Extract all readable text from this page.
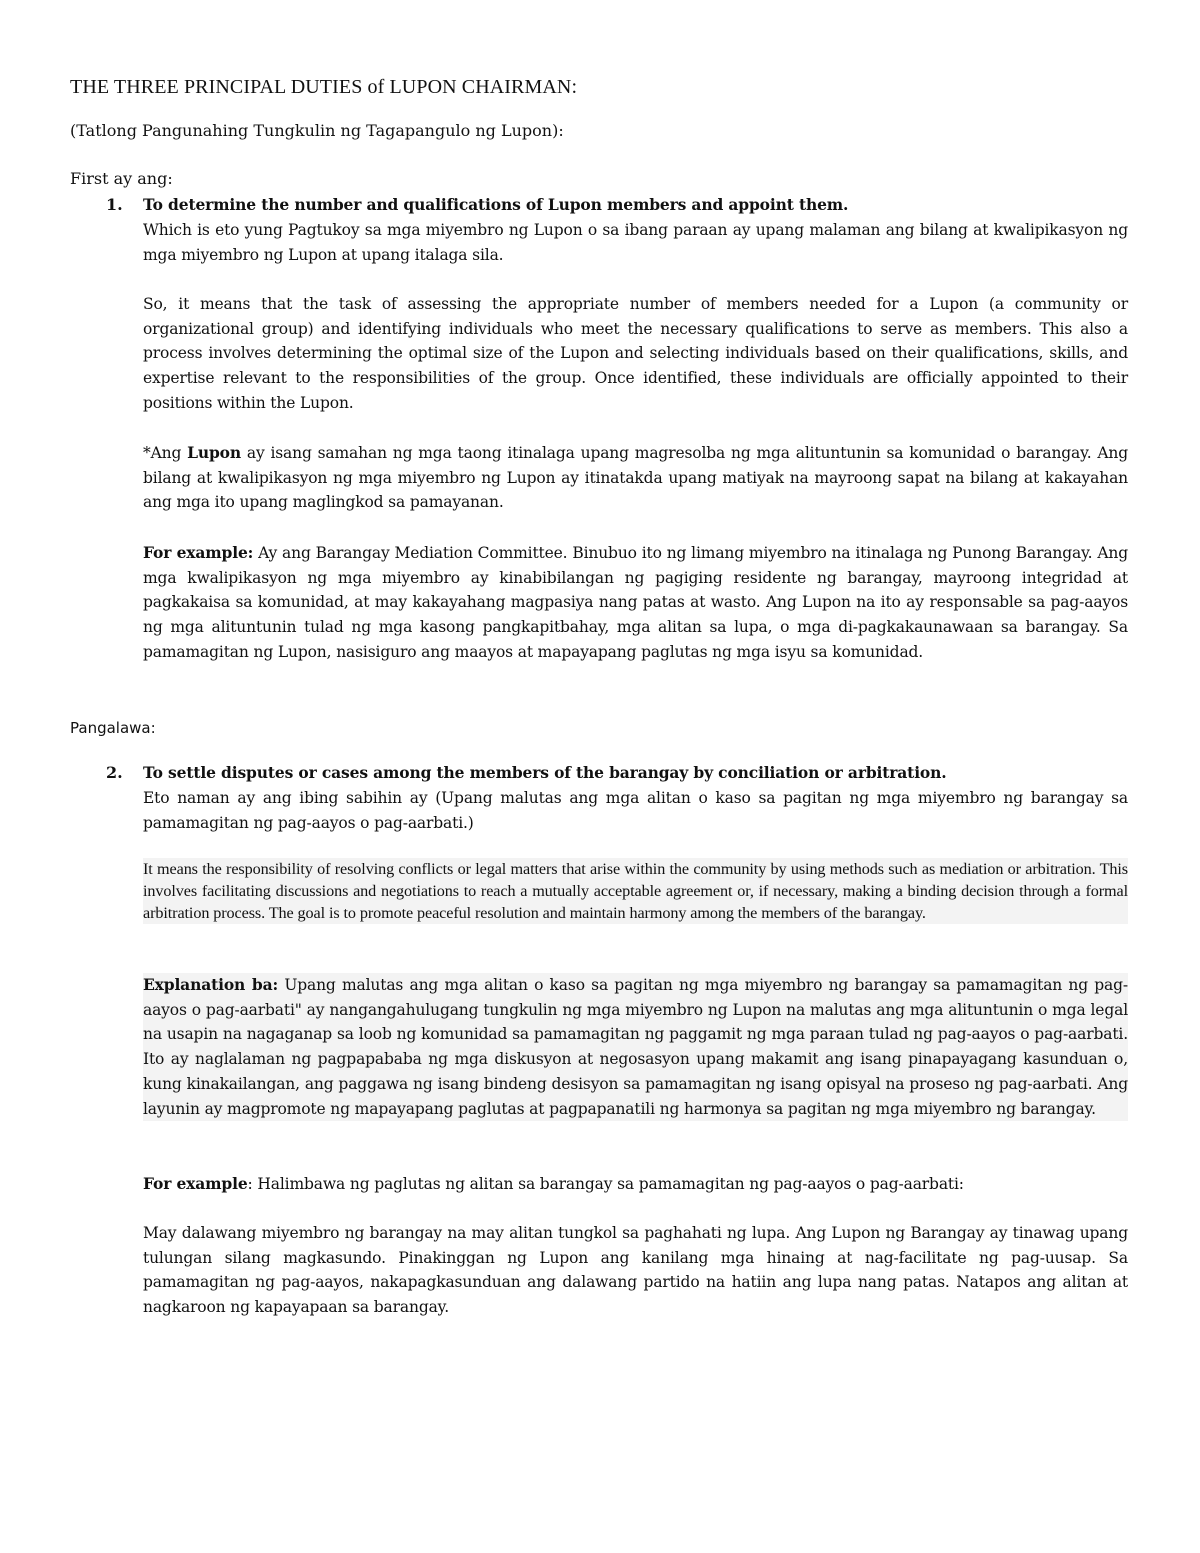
THE THREE PRINCIPAL DUTIES of LUPON CHAIRMAN:
(Tatlong Pangunahing Tungkulin ng Tagapangulo ng Lupon):
First ay ang:
1. To determine the number and qualifications of Lupon members and appoint them.
Which is eto yung Pagtukoy sa mga miyembro ng Lupon o sa ibang paraan ay upang malaman ang bilang at kwalipikasyon ng mga miyembro ng Lupon at upang italaga sila.
So, it means that the task of assessing the appropriate number of members needed for a Lupon (a community or organizational group) and identifying individuals who meet the necessary qualifications to serve as members. This also a process involves determining the optimal size of the Lupon and selecting individuals based on their qualifications, skills, and expertise relevant to the responsibilities of the group. Once identified, these individuals are officially appointed to their positions within the Lupon.
*Ang Lupon ay isang samahan ng mga taong itinalaga upang magresolba ng mga alituntunin sa komunidad o barangay. Ang bilang at kwalipikasyon ng mga miyembro ng Lupon ay itinatakda upang matiyak na mayroong sapat na bilang at kakayahan ang mga ito upang maglingkod sa pamayanan.
For example: Ay ang Barangay Mediation Committee. Binubuo ito ng limang miyembro na itinalaga ng Punong Barangay. Ang mga kwalipikasyon ng mga miyembro ay kinabibilangan ng pagiging residente ng barangay, mayroong integridad at pagkakaisa sa komunidad, at may kakayahang magpasiya nang patas at wasto. Ang Lupon na ito ay responsable sa pag-aayos ng mga alituntunin tulad ng mga kasong pangkapitbahay, mga alitan sa lupa, o mga di-pagkakaunawaan sa barangay. Sa pamamagitan ng Lupon, nasisiguro ang maayos at mapayapang paglutas ng mga isyu sa komunidad.
Pangalawa:
2. To settle disputes or cases among the members of the barangay by conciliation or arbitration.
Eto naman ay ang ibing sabihin ay (Upang malutas ang mga alitan o kaso sa pagitan ng mga miyembro ng barangay sa pamamagitan ng pag-aayos o pag-aarbati.)
It means the responsibility of resolving conflicts or legal matters that arise within the community by using methods such as mediation or arbitration. This involves facilitating discussions and negotiations to reach a mutually acceptable agreement or, if necessary, making a binding decision through a formal arbitration process. The goal is to promote peaceful resolution and maintain harmony among the members of the barangay.
Explanation ba: Upang malutas ang mga alitan o kaso sa pagitan ng mga miyembro ng barangay sa pamamagitan ng pag-aayos o pag-aarbati" ay nangangahulugang tungkulin ng mga miyembro ng Lupon na malutas ang mga alituntunin o mga legal na usapin na nagaganap sa loob ng komunidad sa pamamagitan ng paggamit ng mga paraan tulad ng pag-aayos o pag-aarbati. Ito ay naglalaman ng pagpapababa ng mga diskusyon at negosasyon upang makamit ang isang pinapayagang kasunduan o, kung kinakailangan, ang paggawa ng isang bindeng desisyon sa pamamagitan ng isang opisyal na proseso ng pag-aarbati. Ang layunin ay magpromote ng mapayapang paglutas at pagpapanatili ng harmonya sa pagitan ng mga miyembro ng barangay.
For example: Halimbawa ng paglutas ng alitan sa barangay sa pamamagitan ng pag-aayos o pag-aarbati:
May dalawang miyembro ng barangay na may alitan tungkol sa paghahati ng lupa. Ang Lupon ng Barangay ay tinawag upang tulungan silang magkasundo. Pinakinggan ng Lupon ang kanilang mga hinaing at nag-facilitate ng pag-uusap. Sa pamamagitan ng pag-aayos, nakapagkasunduan ang dalawang partido na hatiin ang lupa nang patas. Natapos ang alitan at nagkaroon ng kapayapaan sa barangay.
